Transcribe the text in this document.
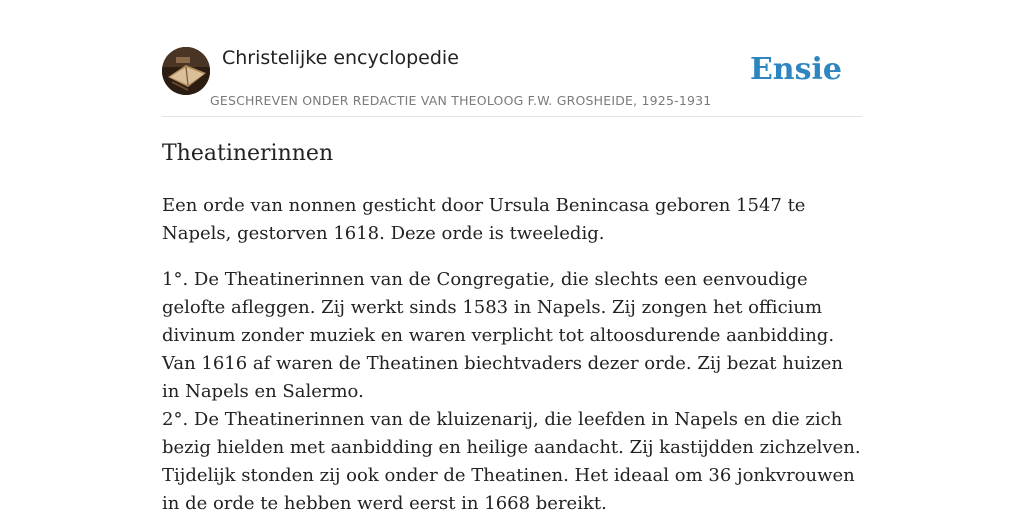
Christelijke encyclopedie
GESCHREVEN ONDER REDACTIE VAN THEOLOOG F.W. GROSHEIDE, 1925-1931
Ensie
Theatinerinnen

Een orde van nonnen gesticht door Ursula Benincasa geboren 1547 te Napels, gestorven 1618. Deze orde is tweeledig.

1°. De Theatinerinnen van de Congregatie, die slechts een eenvoudige gelofte afleggen. Zij werkt sinds 1583 in Napels. Zij zongen het officium divinum zonder muziek en waren verplicht tot altoosdurende aanbidding. Van 1616 af waren de Theatinen biechtvaders dezer orde. Zij bezat huizen in Napels en Salermo.

2°. De Theatinerinnen van de kluizenarij, die leefden in Napels en die zich bezig hielden met aanbidding en heilige aandacht. Zij kastijdden zichzelven. Tijdelijk stonden zij ook onder de Theatinen. Het ideaal om 36 jonkvrouwen in de orde te hebben werd eerst in 1668 bereikt.
